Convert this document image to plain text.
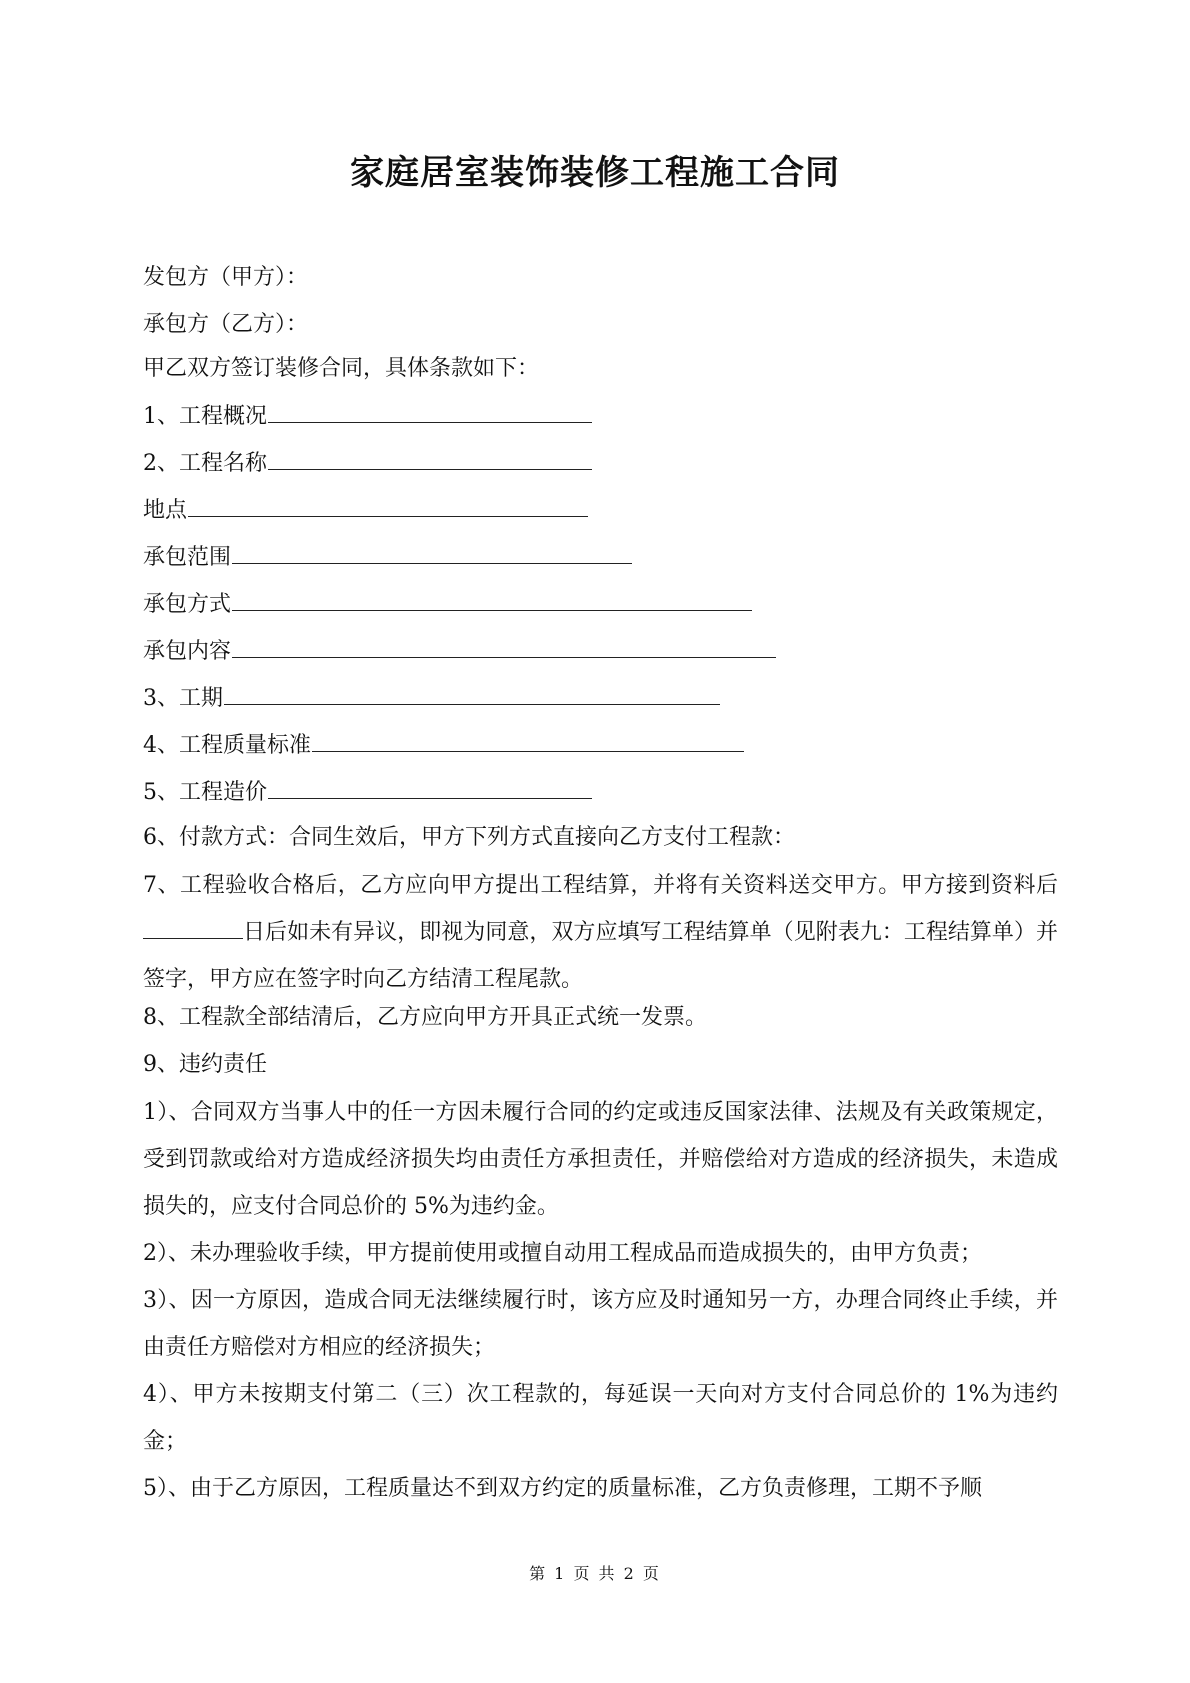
家庭居室装饰装修工程施工合同
发包方（甲方）：
承包方（乙方）：
甲乙双方签订装修合同，具体条款如下：
1、工程概况
2、工程名称
地点
承包范围
承包方式
承包内容
3、工期
4、工程质量标准
5、工程造价
6、付款方式：合同生效后，甲方下列方式直接向乙方支付工程款：
7、工程验收合格后，乙方应向甲方提出工程结算，并将有关资料送交甲方。甲方接到资料后日后如未有异议，即视为同意，双方应填写工程结算单（见附表九：工程结算单）并签字，甲方应在签字时向乙方结清工程尾款。
8、工程款全部结清后，乙方应向甲方开具正式统一发票。
9、违约责任
1）、合同双方当事人中的任一方因未履行合同的约定或违反国家法律、法规及有关政策规定，受到罚款或给对方造成经济损失均由责任方承担责任，并赔偿给对方造成的经济损失，未造成损失的，应支付合同总价的 5%为违约金。
2）、未办理验收手续，甲方提前使用或擅自动用工程成品而造成损失的，由甲方负责；
3）、因一方原因，造成合同无法继续履行时，该方应及时通知另一方，办理合同终止手续，并由责任方赔偿对方相应的经济损失；
4）、甲方未按期支付第二（三）次工程款的，每延误一天向对方支付合同总价的 1%为违约金；
5）、由于乙方原因，工程质量达不到双方约定的质量标准，乙方负责修理，工期不予顺
第 1 页 共 2 页
